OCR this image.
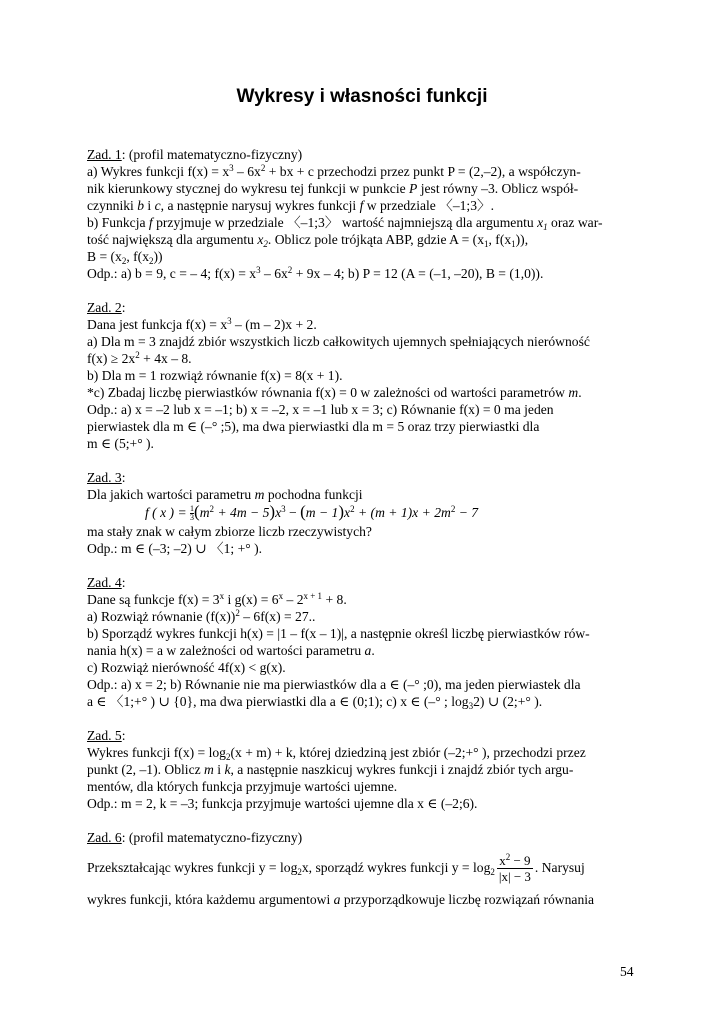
Wykresy i własności funkcji
Zad. 1: (profil matematyczno-fizyczny)
a) Wykres funkcji $f(x) = x^3 - 6x^2$ + bx + c przechodzi przez punkt P = (2,–2), a współczyn-
nik kierunkowy stycznej do wykresu tej funkcji w punkcie P jest równy –3. Oblicz współ-
czynniki b i c, a następnie narysuj wykres funkcji f w przedziale 〈–1;3〉.
b) Funkcja f przyjmuje w przedziale 〈–1;3〉 wartość najmniejszą dla argumentu $x_1$ oraz war-
tość największą dla argumentu $x_2$. Oblicz pole trójkąta ABP, gdzie $A = (x_1$, $f(x_1)$),
$B = (x_2$, $f(x_2)$)
Odp.: a) b = 9, c = – 4; $f(x) = x^3 - 6x^2 + 9x - 4$; b) P = 12 (A = (–1, –20), B = (1,0)).
Zad. 2:
Dana jest funkcja $f(x) = x^3 - (m - 2)x + 2$.
a) Dla m = 3 znajdź zbiór wszystkich liczb całkowitych ujemnych spełniających nierówność
$f(x) \ge 2x^2 + 4x - 8$.
b) Dla m = 1 rozwiąż równanie f(x) = 8(x + 1).
*c) Zbadaj liczbę pierwiastków równania f(x) = 0 w zależności od wartości parametrów m.
Odp.: a) x = –2 lub x = –1; b) x = –2, x = –1 lub x = 3; c) Równanie f(x) = 0 ma jeden
pierwiastek dla m ∈ (–° ;5), ma dwa pierwiastki dla m = 5 oraz trzy pierwiastki dla
m ∈ (5;+° ).
Zad. 3:
Dla jakich wartości parametru m pochodna funkcji
f ( x ) = $\frac{1}{3}(m^2 + 4m - 5)x^3 - (m - 1)x^2 + (m + 1)x + 2m^2 - 7$
ma stały znak w całym zbiorze liczb rzeczywistych?
Odp.: m ∈ (–3; –2) ∪ 〈1; +° ).
Zad. 4:
Dane są funkcje $f(x) = 3^x$ i $g(x) = 6^x - 2^{x + 1} + 8$.
a) Rozwiąż równanie $(f(x))^2 - 6f(x) = 27$..
b) Sporządź wykres funkcji h(x) = |1 – f(x – 1)|, a następnie określ liczbę pierwiastków rów-
nania h(x) = a w zależności od wartości parametru a.
c) Rozwiąż nierówność 4f(x) < g(x).
Odp.: a) x = 2; b) Równanie nie ma pierwiastków dla a ∈ (–° ;0), ma jeden pierwiastek dla
a ∈ 〈1;+° ) ∪ {0}, ma dwa pierwiastki dla a ∈ (0;1); c) x ∈ (–° ; $\log_32$) ∪ (2;+° ).
Zad. 5:
Wykres funkcji $f(x) = \log_2(x + m) + k$, której dziedziną jest zbiór (–2;+° ), przechodzi przez
punkt (2, –1). Oblicz m i k, a następnie naszkicuj wykres funkcji i znajdź zbiór tych argu-
mentów, dla których funkcja przyjmuje wartości ujemne.
Odp.: m = 2, k = –3; funkcja przyjmuje wartości ujemne dla x ∈ (–2;6).
Zad. 6: (profil matematyczno-fizyczny)
Przekształcając wykres funkcji $y = \log_2x$, sporządź wykres funkcji $y = \log_2 \frac{x^2 - 9}{|x| - 3}$ . Narysuj
wykres funkcji, która każdemu argumentowi a przyporządkowuje liczbę rozwiązań równania
54
